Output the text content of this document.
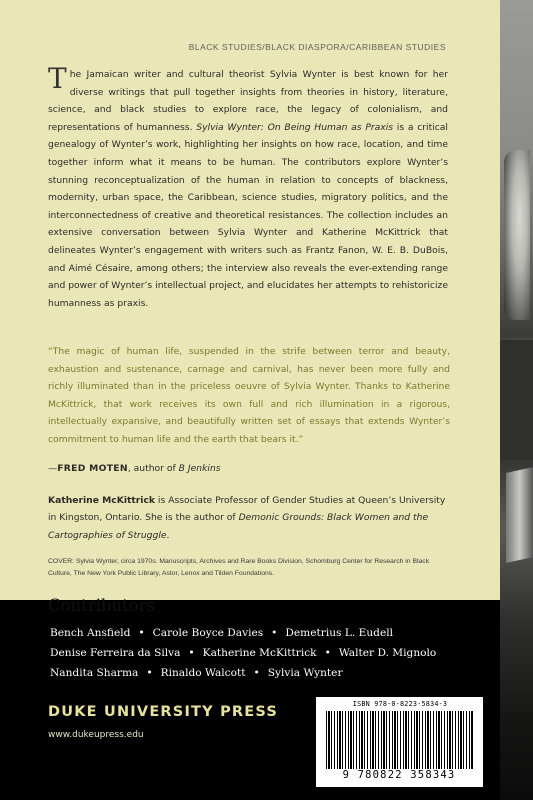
BLACK STUDIES/BLACK DIASPORA/CARIBBEAN STUDIES
The Jamaican writer and cultural theorist Sylvia Wynter is best known for her diverse writings that pull together insights from theories in history, literature, science, and black studies to explore race, the legacy of colonialism, and representations of humanness. Sylvia Wynter: On Being Human as Praxis is a critical genealogy of Wynter’s work, highlighting her insights on how race, location, and time together inform what it means to be human. The contributors explore Wynter’s stunning reconceptualization of the human in relation to concepts of blackness, modernity, urban space, the Caribbean, science studies, migratory politics, and the interconnectedness of creative and theoretical resistances. The collection includes an extensive conversation between Sylvia Wynter and Katherine McKittrick that delineates Wynter’s engagement with writers such as Frantz Fanon, W. E. B. DuBois, and Aimé Césaire, among others; the interview also reveals the ever-extending range and power of Wynter’s intellectual project, and elucidates her attempts to rehistoricize humanness as praxis.
“The magic of human life, suspended in the strife between terror and beauty, exhaustion and sustenance, carnage and carnival, has never been more fully and richly illuminated than in the priceless oeuvre of Sylvia Wynter. Thanks to Katherine McKittrick, that work receives its own full and rich illumination in a rigorous, intellectually expansive, and beautifully written set of essays that extends Wynter’s commitment to human life and the earth that bears it.”
—FRED MOTEN, author of B Jenkins
Katherine McKittrick is Associate Professor of Gender Studies at Queen’s University in Kingston, Ontario. She is the author of Demonic Grounds: Black Women and the Cartographies of Struggle.
COVER: Sylvia Wynter, circa 1970s. Manuscripts, Archives and Rare Books Division, Schomburg Center for Research in Black Culture, The New York Public Library, Astor, Lenox and Tilden Foundations.
Contributors
Bench Ansfield • Carole Boyce Davies • Demetrius L. Eudell
Denise Ferreira da Silva • Katherine McKittrick • Walter D. Mignolo
Nandita Sharma • Rinaldo Walcott • Sylvia Wynter
DUKE UNIVERSITY PRESS
www.dukeupress.edu
ISBN 978-0-8223-5834-3
9 780822 358343
